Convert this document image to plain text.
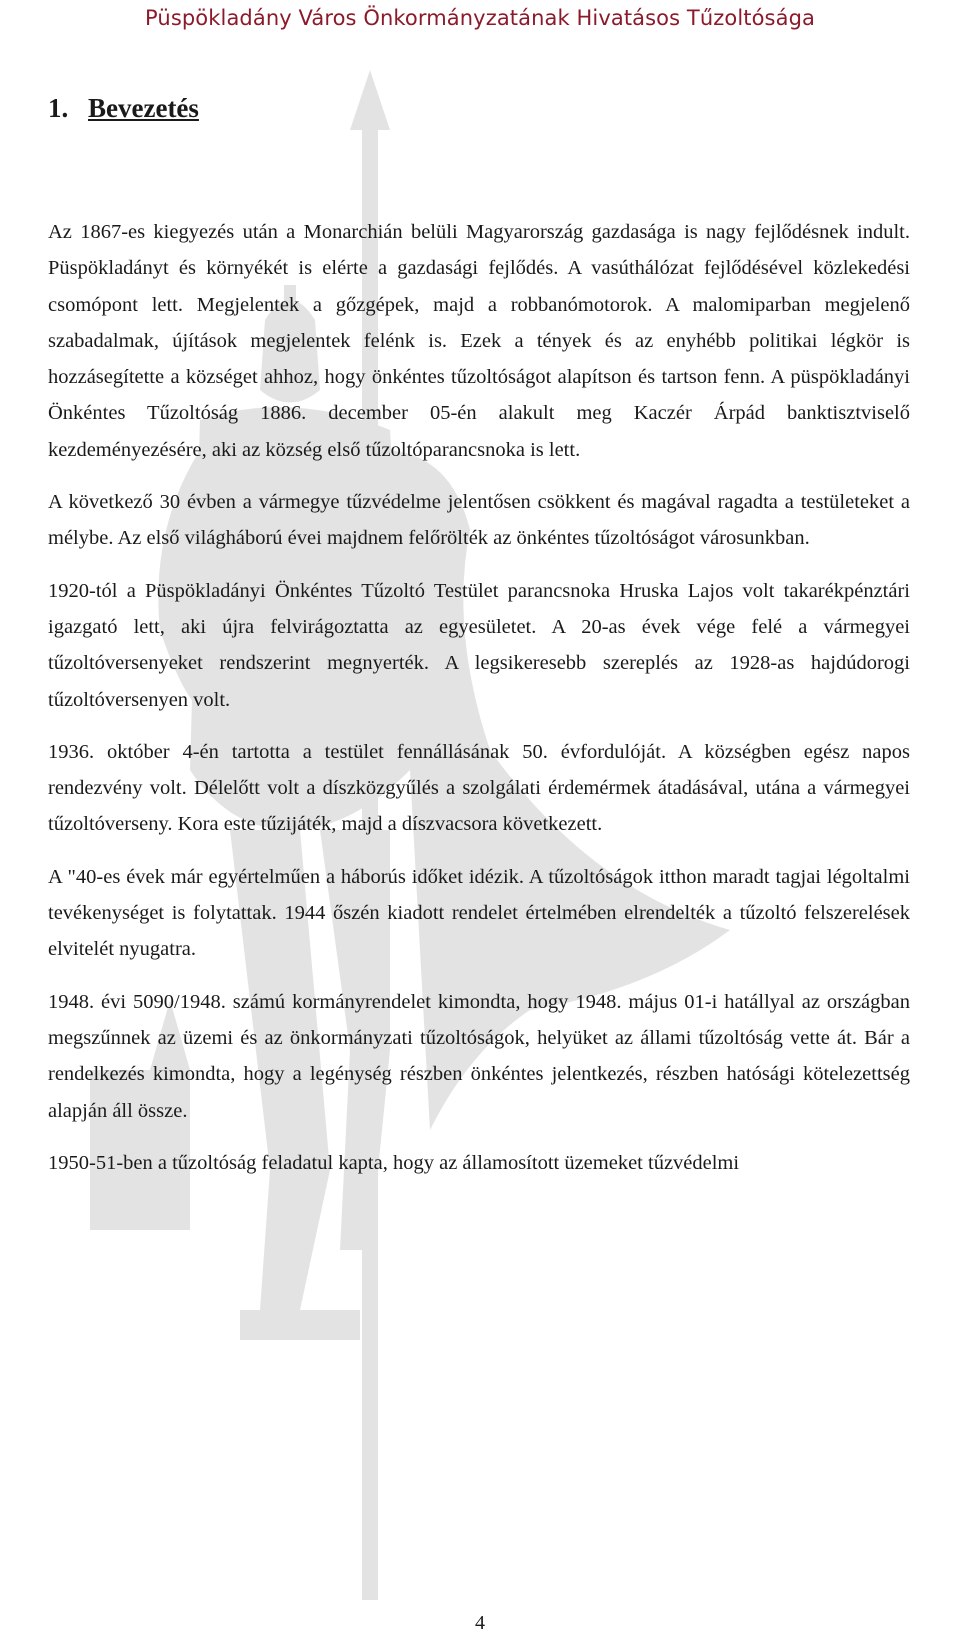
Püspökladány Város Önkormányzatának Hivatásos Tűzoltósága
1. Bevezetés

Az 1867-es kiegyezés után a Monarchián belüli Magyarország gazdasága is nagy fejlődésnek indult. Püspökladányt és környékét is elérte a gazdasági fejlődés. A vasúthálózat fejlődésével közlekedési csomópont lett. Megjelentek a gőzgépek, majd a robbanómotorok. A malomiparban megjelenő szabadalmak, újítások megjelentek felénk is. Ezek a tények és az enyhébb politikai légkör is hozzásegítette a községet ahhoz, hogy önkéntes tűzoltóságot alapítson és tartson fenn. A püspökladányi Önkéntes Tűzoltóság 1886. december 05-én alakult meg Kaczér Árpád banktisztviselő kezdeményezésére, aki az község első tűzoltóparancsnoka is lett.

A következő 30 évben a vármegye tűzvédelme jelentősen csökkent és magával ragadta a testületeket a mélybe. Az első világháború évei majdnem felőrölték az önkéntes tűzoltóságot városunkban.

1920-tól a Püspökladányi Önkéntes Tűzoltó Testület parancsnoka Hruska Lajos volt takarékpénztári igazgató lett, aki újra felvirágoztatta az egyesületet. A 20-as évek vége felé a vármegyei tűzoltóversenyeket rendszerint megnyerték. A legsikeresebb szereplés az 1928-as hajdúdorogi tűzoltóversenyen volt.

1936. október 4-én tartotta a testület fennállásának 50. évfordulóját. A községben egész napos rendezvény volt. Délelőtt volt a díszközgyűlés a szolgálati érdemérmek átadásával, utána a vármegyei tűzoltóverseny. Kora este tűzijáték, majd a díszvacsora következett.

A "40-es évek már egyértelműen a háborús időket idézik. A tűzoltóságok itthon maradt tagjai légoltalmi tevékenységet is folytattak. 1944 őszén kiadott rendelet értelmében elrendelték a tűzoltó felszerelések elvitelét nyugatra.

1948. évi 5090/1948. számú kormányrendelet kimondta, hogy 1948. május 01-i hatállyal az országban megszűnnek az üzemi és az önkormányzati tűzoltóságok, helyüket az állami tűzoltóság vette át. Bár a rendelkezés kimondta, hogy a legénység részben önkéntes jelentkezés, részben hatósági kötelezettség alapján áll össze.

1950-51-ben a tűzoltóság feladatul kapta, hogy az államosított üzemeket tűzvédelmi

4
